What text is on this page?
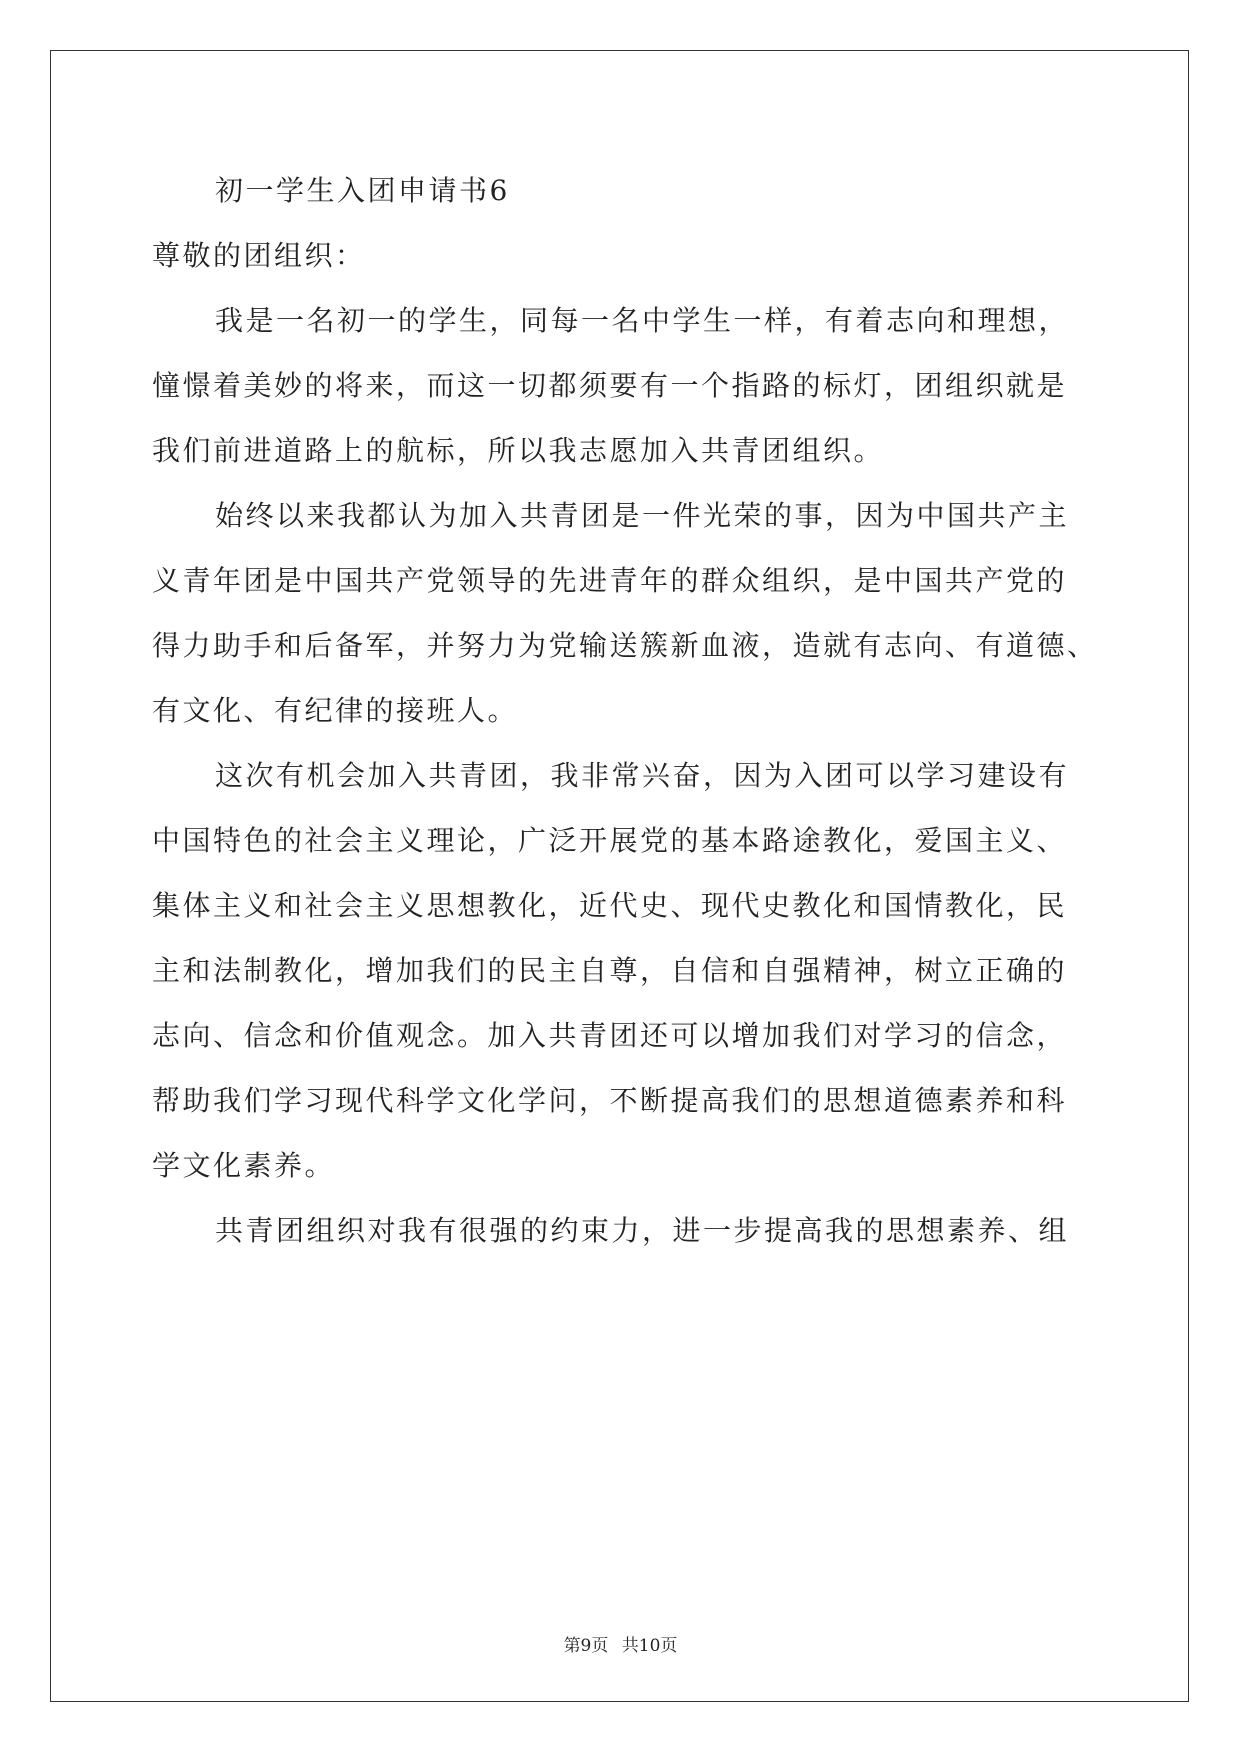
初一学生入团申请书6
尊敬的团组织：
我是一名初一的学生，同每一名中学生一样，有着志向和理想，
憧憬着美妙的将来，而这一切都须要有一个指路的标灯，团组织就是
我们前进道路上的航标，所以我志愿加入共青团组织。
始终以来我都认为加入共青团是一件光荣的事，因为中国共产主
义青年团是中国共产党领导的先进青年的群众组织，是中国共产党的
得力助手和后备军，并努力为党输送簇新血液，造就有志向、有道德、
有文化、有纪律的接班人。
这次有机会加入共青团，我非常兴奋，因为入团可以学习建设有
中国特色的社会主义理论，广泛开展党的基本路途教化，爱国主义、
集体主义和社会主义思想教化，近代史、现代史教化和国情教化，民
主和法制教化，增加我们的民主自尊，自信和自强精神，树立正确的
志向、信念和价值观念。加入共青团还可以增加我们对学习的信念，
帮助我们学习现代科学文化学问，不断提高我们的思想道德素养和科
学文化素养。
共青团组织对我有很强的约束力，进一步提高我的思想素养、组
第9页 共10页
